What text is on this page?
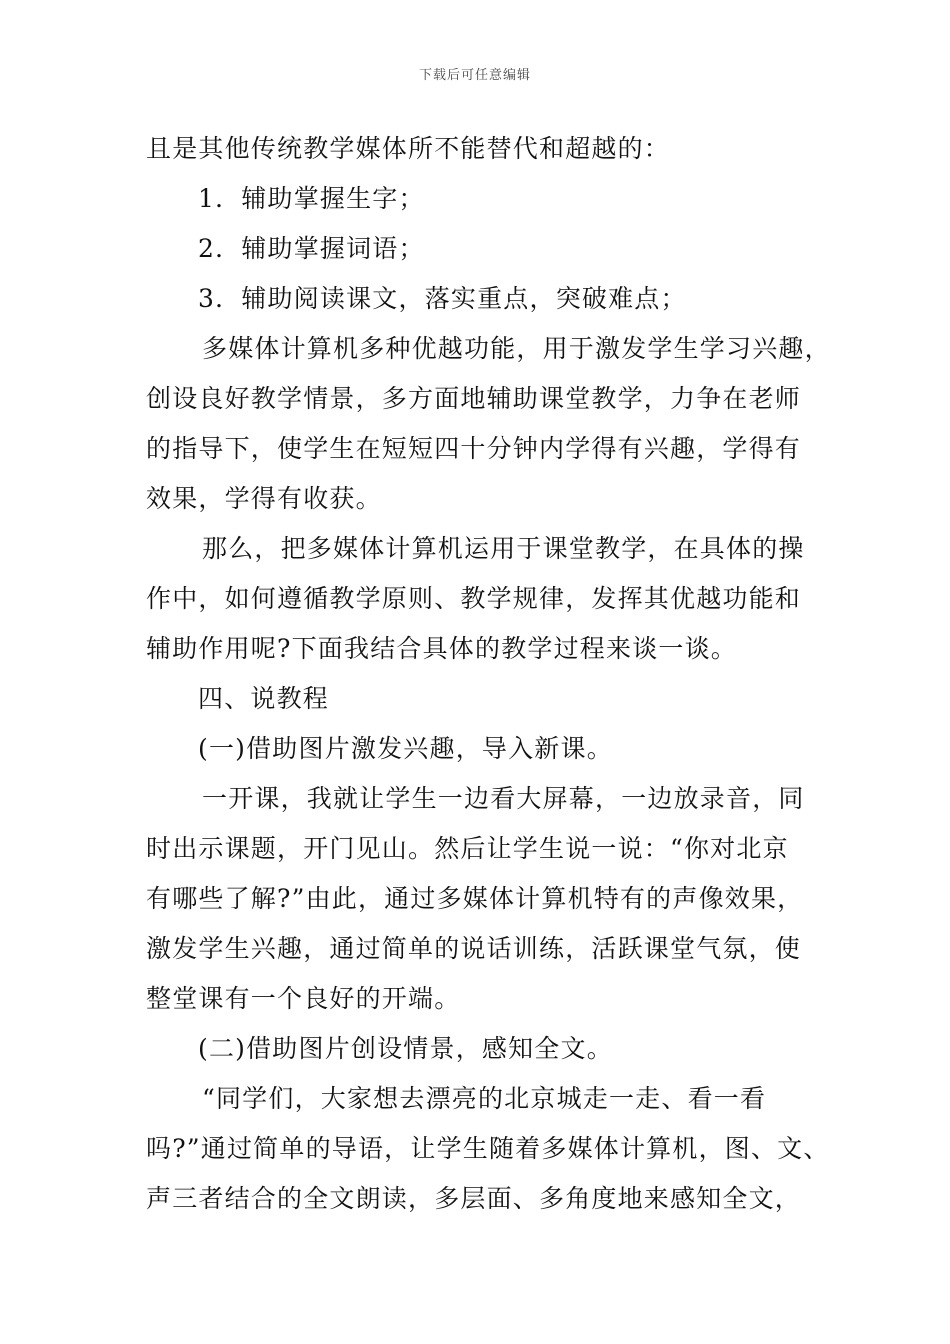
下载后可任意编辑
且是其他传统教学媒体所不能替代和超越的：
1．辅助掌握生字；
2．辅助掌握词语；
3．辅助阅读课文，落实重点，突破难点；
多媒体计算机多种优越功能，用于激发学生学习兴趣，
创设良好教学情景，多方面地辅助课堂教学，力争在老师
的指导下，使学生在短短四十分钟内学得有兴趣，学得有
效果，学得有收获。
那么，把多媒体计算机运用于课堂教学，在具体的操
作中，如何遵循教学原则、教学规律，发挥其优越功能和
辅助作用呢?下面我结合具体的教学过程来谈一谈。
四、说教程
(一)借助图片激发兴趣，导入新课。
一开课，我就让学生一边看大屏幕，一边放录音，同
时出示课题，开门见山。然后让学生说一说：“你对北京
有哪些了解?”由此，通过多媒体计算机特有的声像效果，
激发学生兴趣，通过简单的说话训练，活跃课堂气氛，使
整堂课有一个良好的开端。
(二)借助图片创设情景，感知全文。
“同学们，大家想去漂亮的北京城走一走、看一看
吗?”通过简单的导语，让学生随着多媒体计算机，图、文、
声三者结合的全文朗读，多层面、多角度地来感知全文，
